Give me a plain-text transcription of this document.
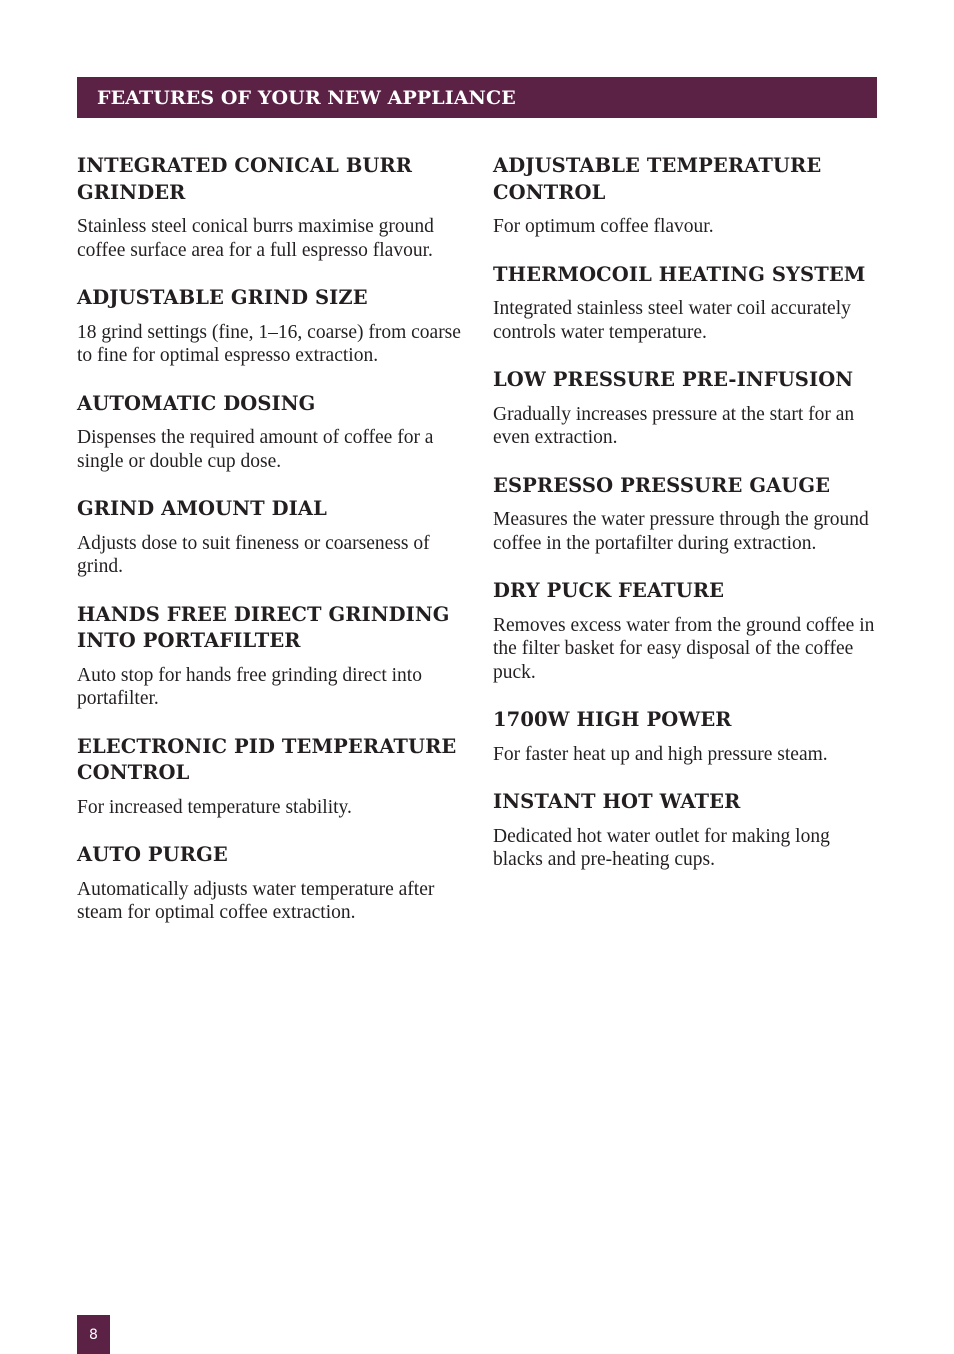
FEATURES OF YOUR NEW APPLIANCE
INTEGRATED CONICAL BURR GRINDER

Stainless steel conical burrs maximise ground coffee surface area for a full espresso flavour.

ADJUSTABLE GRIND SIZE

18 grind settings (fine, 1–16, coarse) from coarse to fine for optimal espresso extraction.

AUTOMATIC DOSING

Dispenses the required amount of coffee for a single or double cup dose.

GRIND AMOUNT DIAL

Adjusts dose to suit fineness or coarseness of grind.

HANDS FREE DIRECT GRINDING INTO PORTAFILTER

Auto stop for hands free grinding direct into portafilter.

ELECTRONIC PID TEMPERATURE CONTROL

For increased temperature stability.

AUTO PURGE

Automatically adjusts water temperature after steam for optimal coffee extraction.

ADJUSTABLE TEMPERATURE CONTROL

For optimum coffee flavour.

THERMOCOIL HEATING SYSTEM

Integrated stainless steel water coil accurately controls water temperature.

LOW PRESSURE PRE-INFUSION

Gradually increases pressure at the start for an even extraction.

ESPRESSO PRESSURE GAUGE

Measures the water pressure through the ground coffee in the portafilter during extraction.

DRY PUCK FEATURE

Removes excess water from the ground coffee in the filter basket for easy disposal of the coffee puck.

1700W HIGH POWER

For faster heat up and high pressure steam.

INSTANT HOT WATER

Dedicated hot water outlet for making long blacks and pre-heating cups.

8
